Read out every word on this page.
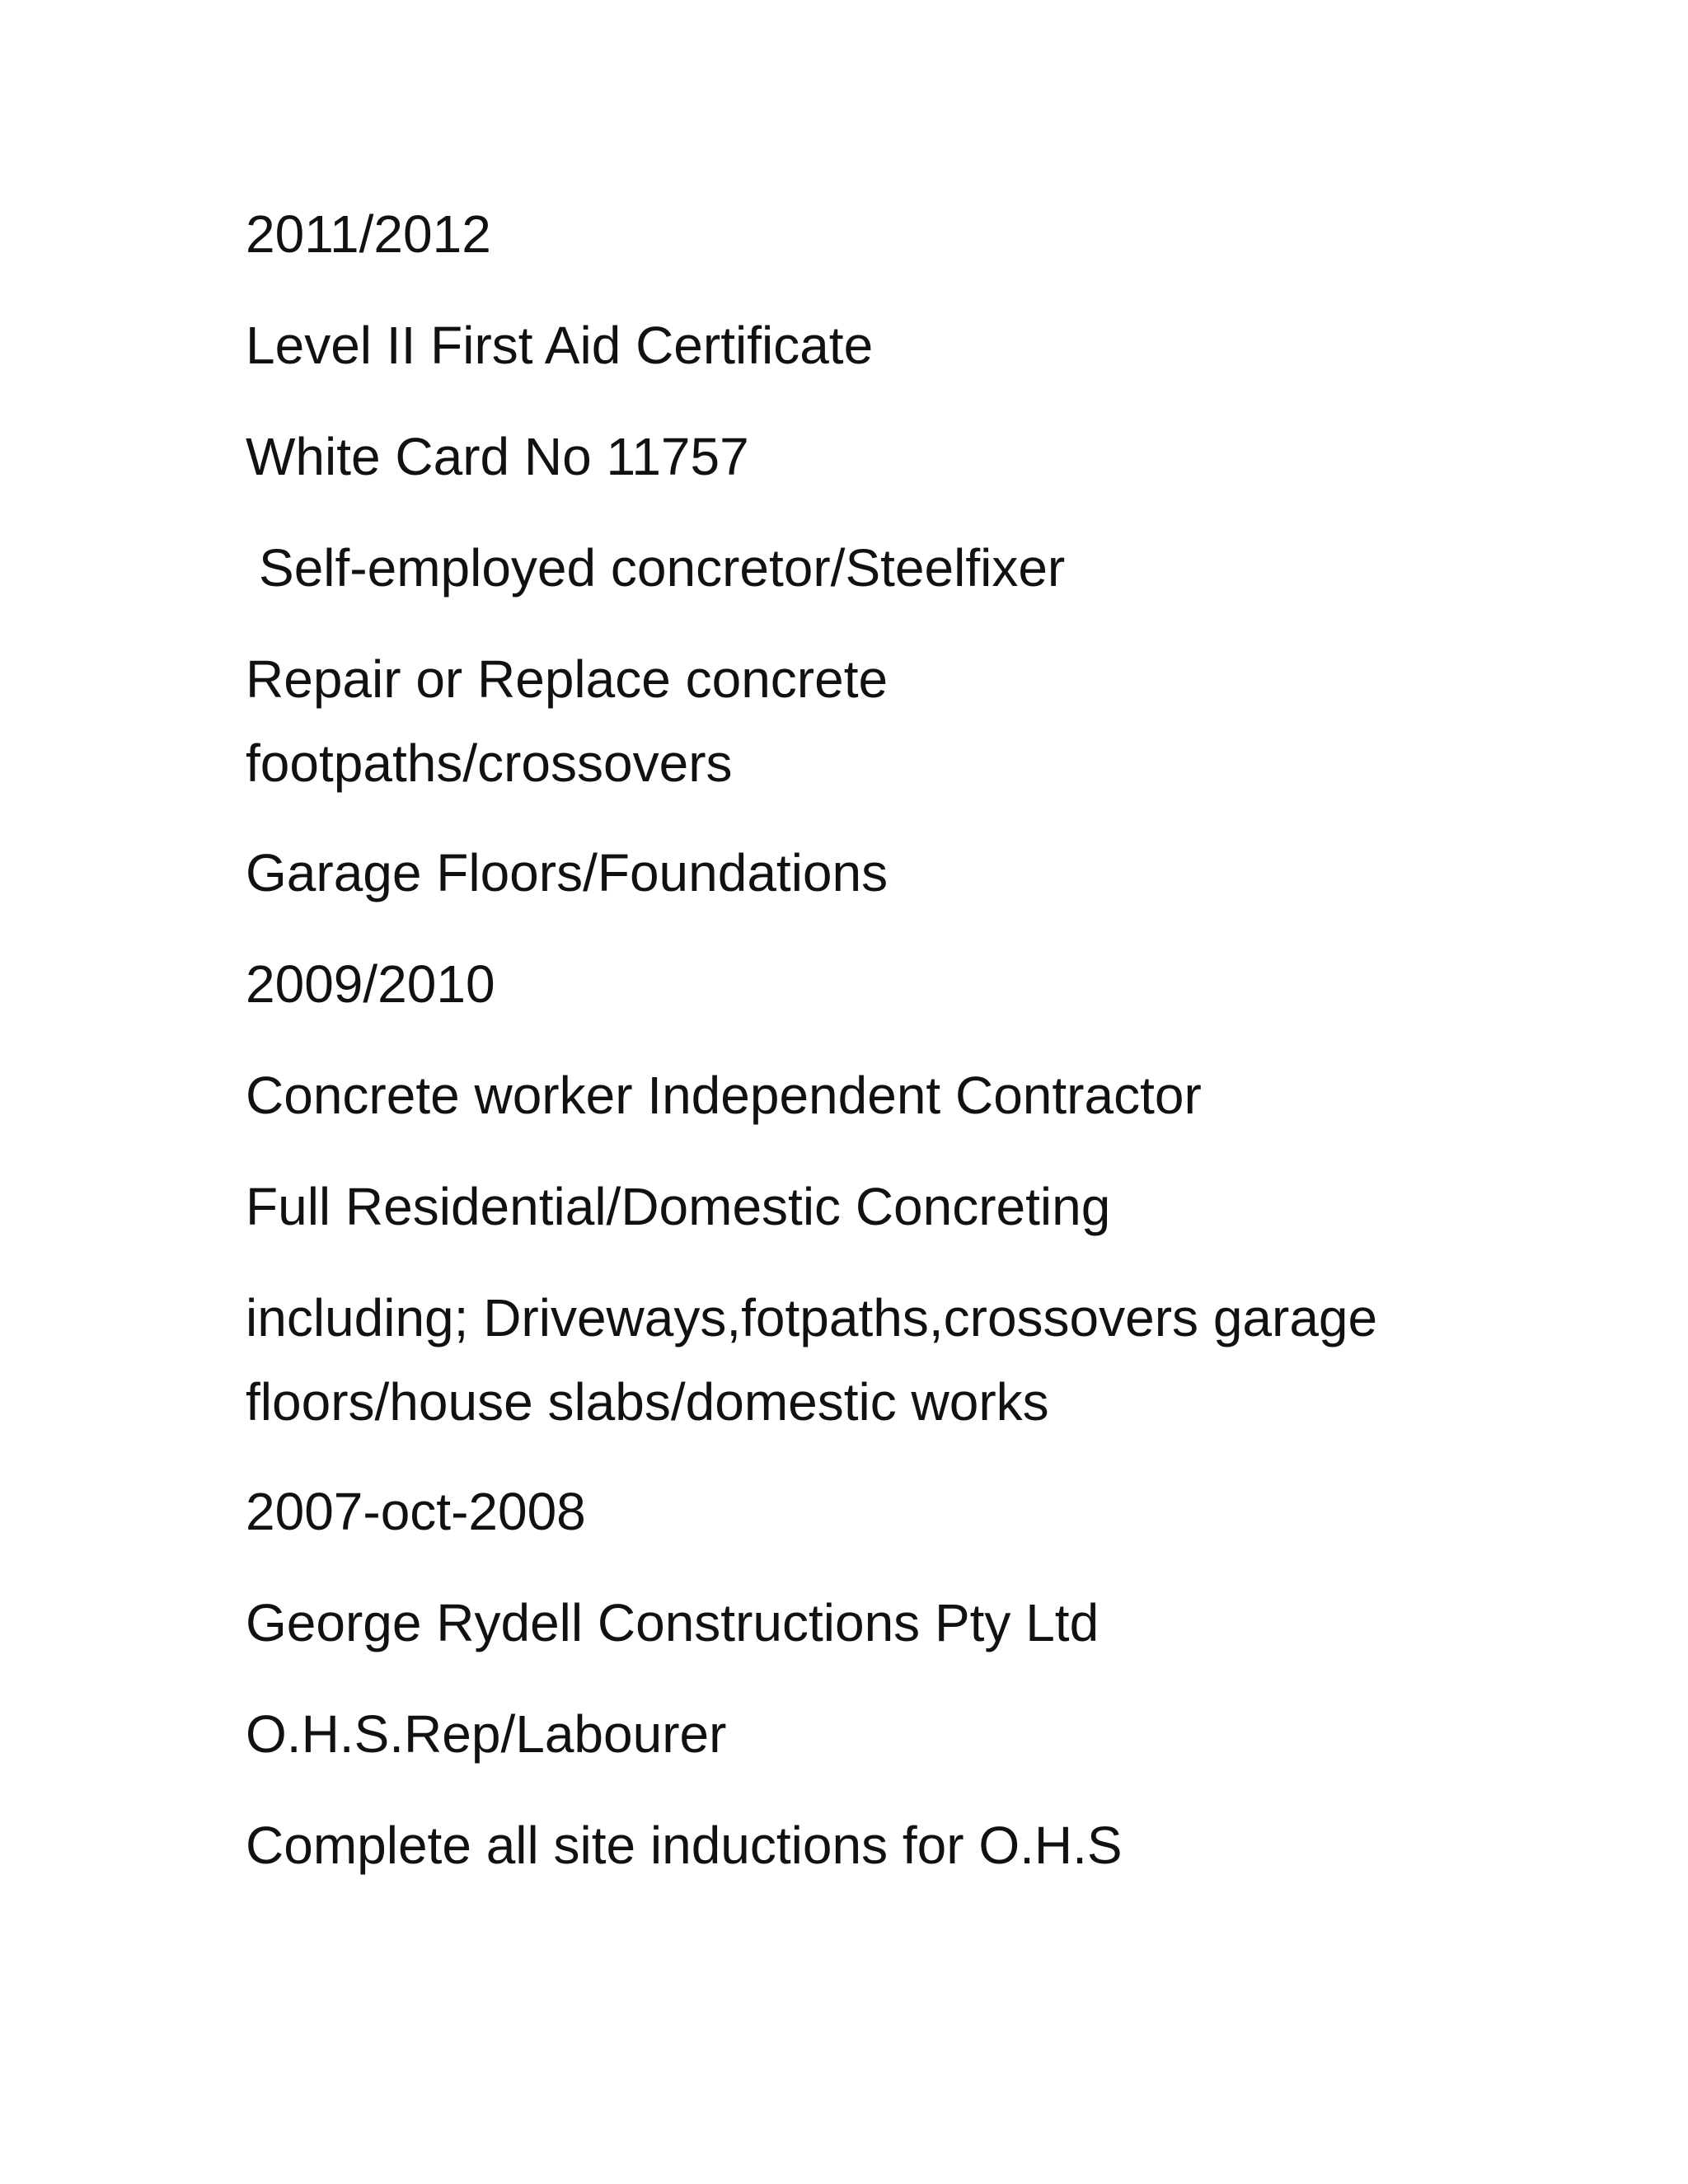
2011/2012

Level II First Aid Certificate

White Card No 11757

Self-employed concretor/Steelfixer

Repair or Replace concrete

footpaths/crossovers

Garage Floors/Foundations

2009/2010

Concrete worker Independent Contractor

Full Residential/Domestic Concreting

including; Driveways,fotpaths,crossovers garage

floors/house slabs/domestic works

2007-oct-2008

George Rydell Constructions Pty Ltd

O.H.S.Rep/Labourer

Complete all site inductions for O.H.S
